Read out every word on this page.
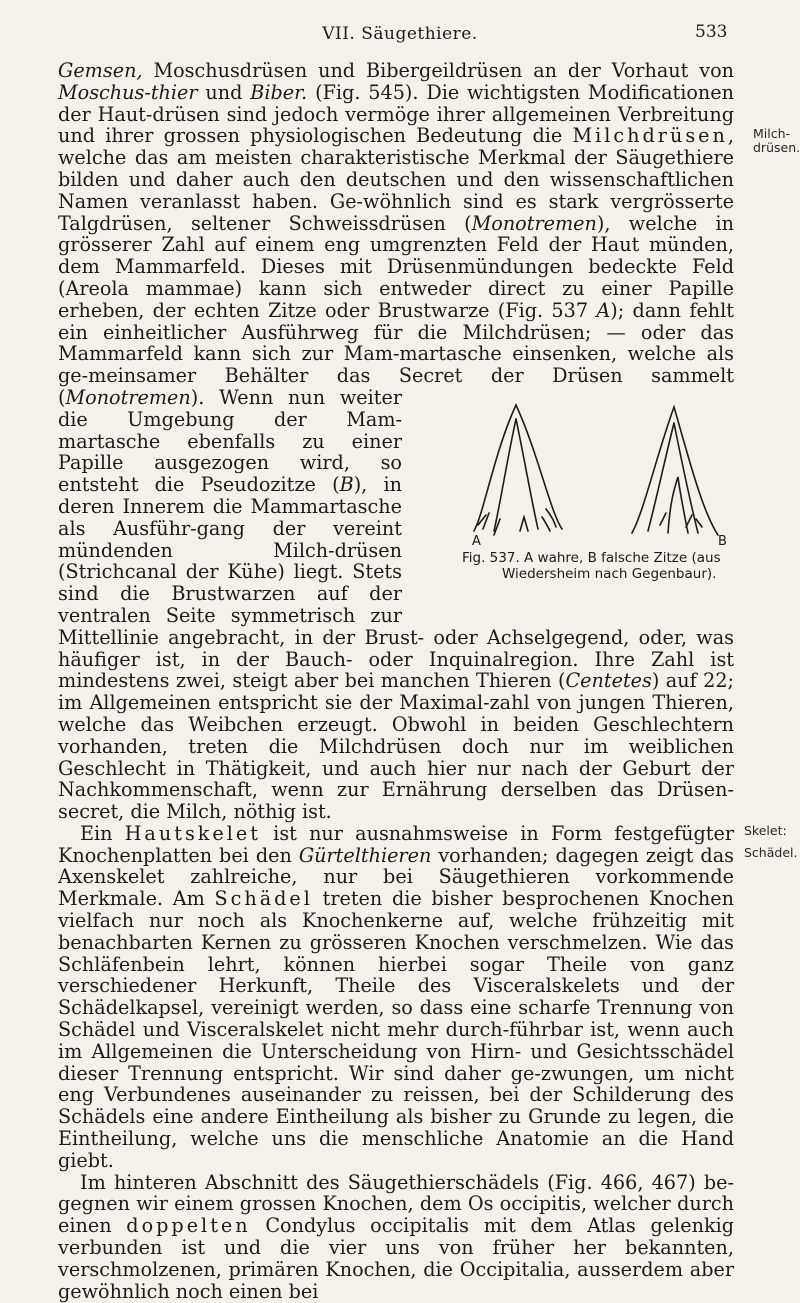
VII. Säugethiere.	533
Milch-
drüsen.
Skelet:
Schädel.

Gemsen, Moschusdrüsen und Bibergeildrüsen an der Vorhaut von Moschus-thier und Biber. (Fig. 545). Die wichtigsten Modificationen der Haut-drüsen sind jedoch vermöge ihrer allgemeinen Verbreitung und ihrer grossen physiologischen Bedeutung die Milchdrüsen, welche das am meisten charakteristische Merkmal der Säugethiere bilden und daher auch den deutschen und den wissenschaftlichen Namen veranlasst haben. Ge-wöhnlich sind es stark vergrösserte Talgdrüsen, seltener Schweissdrüsen (Monotremen), welche in grösserer Zahl auf einem eng umgrenzten Feld der Haut münden, dem Mammarfeld. Dieses mit Drüsenmündungen bedeckte Feld (Areola mammae) kann sich entweder direct zu einer Papille erheben, der echten Zitze oder Brustwarze (Fig. 537 A); dann fehlt ein einheitlicher Ausführweg für die Milchdrüsen; — oder das Mammarfeld kann sich zur Mam-martasche einsenken, welche als ge-meinsamer Behälter das Secret der Drüsen sammelt (
A	B
Fig. 537. A wahre, B falsche Zitze (aus
Wiedersheim nach Gegenbaur).
Monotremen). Wenn nun weiter die Umgebung der Mam-martasche ebenfalls zu einer Papille ausgezogen wird, so entsteht die Pseudozitze (B), in deren Innerem die Mammartasche als Ausführ-gang der vereint mündenden Milch-drüsen (Strichcanal der Kühe) liegt. Stets sind die Brustwarzen auf der ventralen Seite symmetrisch zur Mittellinie angebracht, in der Brust- oder Achselgegend, oder, was häufiger ist, in der Bauch- oder Inquinalregion. Ihre Zahl ist mindestens zwei, steigt aber bei manchen Thieren (Centetes) auf 22; im Allgemeinen entspricht sie der Maximal-zahl von jungen Thieren, welche das Weibchen erzeugt. Obwohl in beiden Geschlechtern vorhanden, treten die Milchdrüsen doch nur im weiblichen Geschlecht in Thätigkeit, und auch hier nur nach der Geburt der Nachkommenschaft, wenn zur Ernährung derselben das Drüsen-secret, die Milch, nöthig ist.

Ein Hautskelet ist nur ausnahmsweise in Form festgefügter Knochenplatten bei den Gürtelthieren vorhanden; dagegen zeigt das Axenskelet zahlreiche, nur bei Säugethieren vorkommende Merkmale. Am Schädel treten die bisher besprochenen Knochen vielfach nur noch als Knochenkerne auf, welche frühzeitig mit benachbarten Kernen zu grösseren Knochen verschmelzen. Wie das Schläfenbein lehrt, können hierbei sogar Theile von ganz verschiedener Herkunft, Theile des Visceralskelets und der Schädelkapsel, vereinigt werden, so dass eine scharfe Trennung von Schädel und Visceralskelet nicht mehr durch-führbar ist, wenn auch im Allgemeinen die Unterscheidung von Hirn- und Gesichtsschädel dieser Trennung entspricht. Wir sind daher ge-zwungen, um nicht eng Verbundenes auseinander zu reissen, bei der Schilderung des Schädels eine andere Eintheilung als bisher zu Grunde zu legen, die Eintheilung, welche uns die menschliche Anatomie an die Hand giebt.

Im hinteren Abschnitt des Säugethierschädels (Fig. 466, 467) be-gegnen wir einem grossen Knochen, dem Os occipitis, welcher durch einen doppelten Condylus occipitalis mit dem Atlas gelenkig verbunden ist und die vier uns von früher her bekannten, verschmolzenen, primären Knochen, die Occipitalia, ausserdem aber gewöhnlich noch einen bei
